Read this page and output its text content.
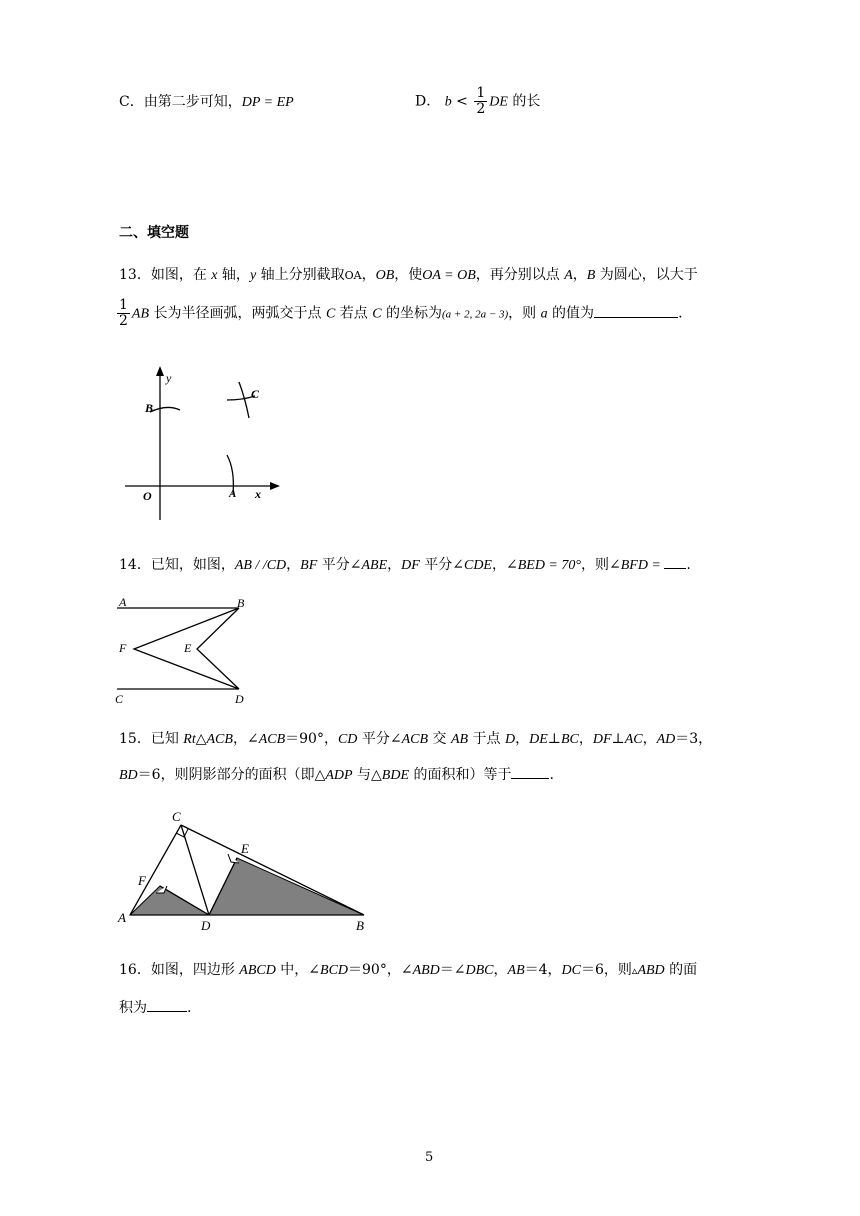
C．由第二步可知，DP = EP	D． $b < \frac{1}{2}$ DE 的长
二、填空题
13．如图，在 x 轴，y 轴上分别截取OA，OB，使OA = OB，再分别以点 A，B 为圆心，以大于
$\frac{1}{2}$ AB 长为半径画弧，两弧交于点 C 若点 C 的坐标为(a + 2, 2a − 3)，则 a 的值为	.
y
B
C
O	A x
14．已知，如图，AB / /CD，BF 平分∠ABE，DF 平分∠CDE，∠BED = 70°，则∠BFD = .
A	B
F	E
C	D
15．已知 Rt△ACB，∠ACB＝90°，CD 平分∠ACB 交 AB 于点 D，DE⊥BC，DF⊥AC，AD＝3，
BD＝6，则阴影部分的面积（即△ADP 与△BDE 的面积和）等于	.
C
E
F
A
D	B
16．如图，四边形 ABCD 中，∠BCD＝90°，∠ABD＝∠DBC，AB＝4，DC＝6，则▵ABD 的面
积为	.
5
